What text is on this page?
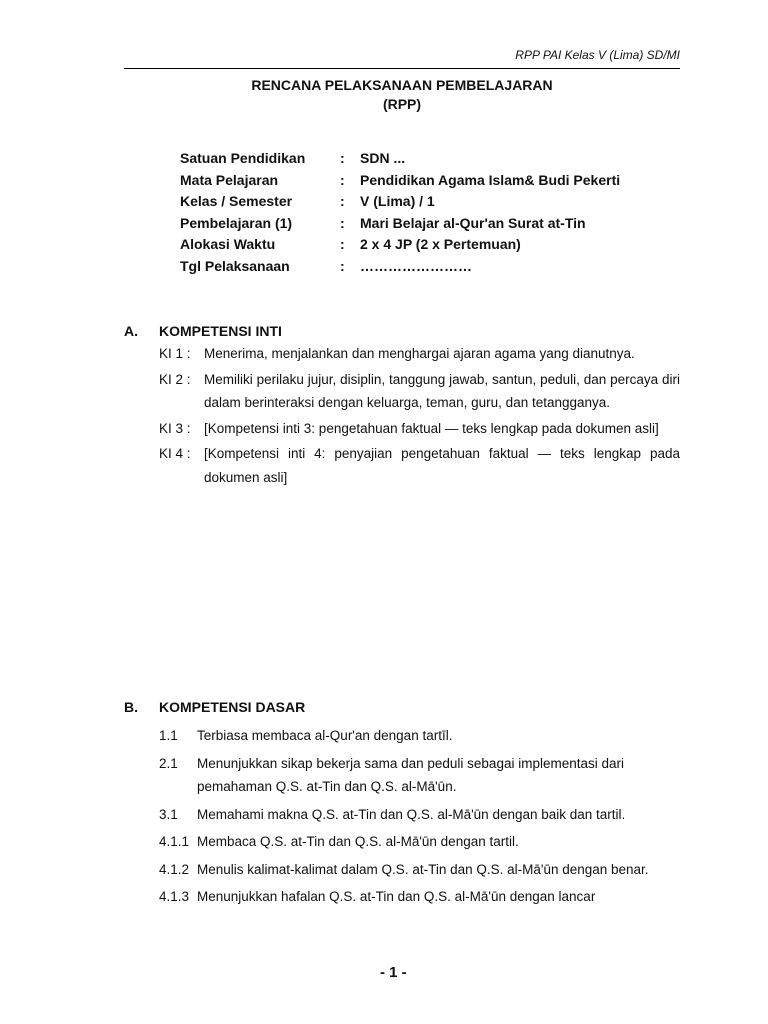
RPP PAI Kelas V (Lima) SD/MI
RENCANA PELAKSANAAN PEMBELAJARAN
(RPP)
Satuan Pendidikan	:	SDN ...
Mata Pelajaran	:	Pendidikan Agama Islam& Budi Pekerti
Kelas / Semester	:	V (Lima) / 1
Pembelajaran (1)	:	Mari Belajar al-Qur'an Surat at-Tin
Alokasi Waktu	:	2 x 4 JP (2 x Pertemuan)
Tgl Pelaksanaan	:	……………………
A. KOMPETENSI INTI
KI 1 : Menerima, menjalankan dan menghargai ajaran agama yang dianutnya.
KI 2 : Memiliki perilaku jujur, disiplin, tanggung jawab, santun, peduli, dan percaya diri dalam berinteraksi dengan keluarga, teman, guru, dan tetangganya.
KI 3 : [Kompetensi inti 3: pengetahuan faktual — teks lengkap pada dokumen asli]
KI 4 : [Kompetensi inti 4: penyajian pengetahuan faktual — teks lengkap pada dokumen asli]
B. KOMPETENSI DASAR
1.1	Terbiasa membaca al-Qur'an dengan tartīl.
2.1	Menunjukkan sikap bekerja sama dan peduli sebagai implementasi dari pemahaman Q.S. at-Tin dan Q.S. al-Mā'ūn.
3.1	Memahami makna Q.S. at-Tin dan Q.S. al-Mā'ūn dengan baik dan tartil.
4.1.1 Membaca Q.S. at-Tin dan Q.S. al-Mā'ūn dengan tartil.
4.1.2 Menulis kalimat-kalimat dalam Q.S. at-Tin dan Q.S. al-Mā'ūn dengan benar.
4.1.3 Menunjukkan hafalan Q.S. at-Tin dan Q.S. al-Mā'ūn dengan lancar
- 1 -
